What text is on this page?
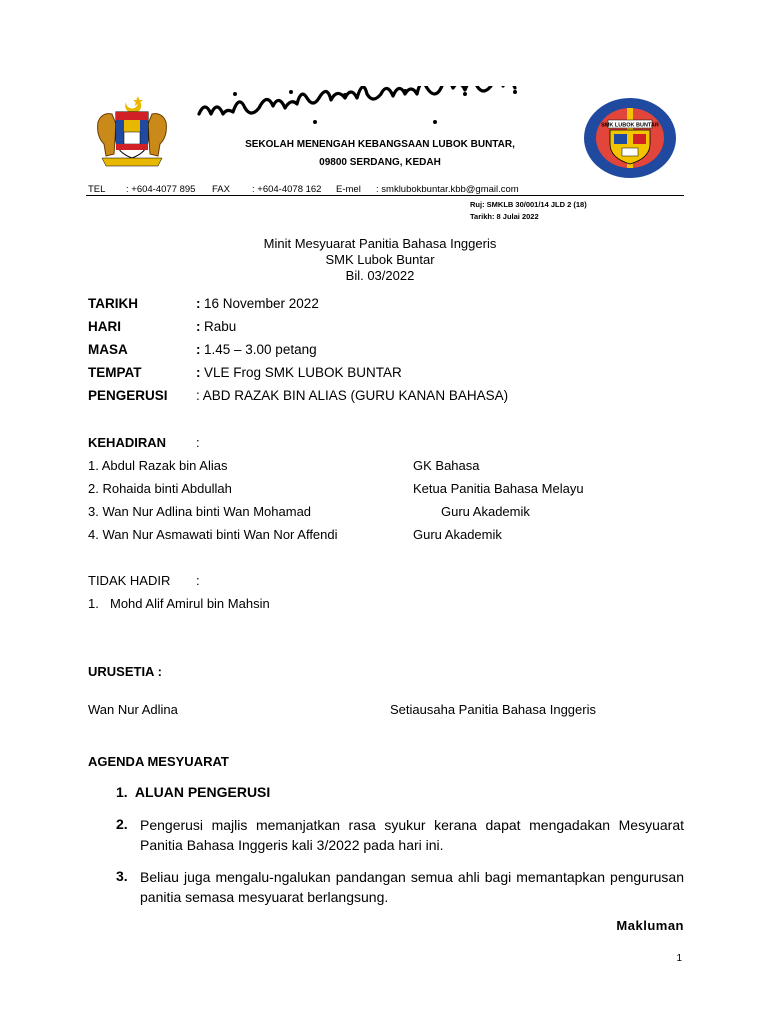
SMK LUBOK BUNTAR
SEKOLAH MENENGAH KEBANGSAAN LUBOK BUNTAR,
09800 SERDANG, KEDAH
TEL : +604-4077 895 FAX : +604-4078 162 E-mel : smklubokbuntar.kbb@gmail.com
Ruj: SMKLB 30/001/14 JLD 2 (18)
Tarikh: 8 Julai 2022
Minit Mesyuarat Panitia Bahasa Inggeris
SMK Lubok Buntar
Bil. 03/2022
TARIKH	: 16 November 2022
HARI	: Rabu
MASA	: 1.45 – 3.00 petang
TEMPAT	: VLE Frog SMK LUBOK BUNTAR
PENGERUSI : ABD RAZAK BIN ALIAS (GURU KANAN BAHASA)
KEHADIRAN :
1. Abdul Razak bin Alias	GK Bahasa
2. Rohaida binti Abdullah	Ketua Panitia Bahasa Melayu
3. Wan Nur Adlina binti Wan Mohamad	Guru Akademik
4. Wan Nur Asmawati binti Wan Nor Affendi	Guru Akademik
TIDAK HADIR :
1. Mohd Alif Amirul bin Mahsin
URUSETIA :
Wan Nur Adlina	Setiausaha Panitia Bahasa Inggeris
AGENDA MESYUARAT
1.  ALUAN PENGERUSI
2. Pengerusi majlis memanjatkan rasa syukur kerana dapat mengadakan Mesyuarat Panitia Bahasa Inggeris kali 3/2022 pada hari ini.
3. Beliau juga mengalu-ngalukan pandangan semua ahli bagi memantapkan pengurusan panitia semasa mesyuarat berlangsung.
Makluman
1
